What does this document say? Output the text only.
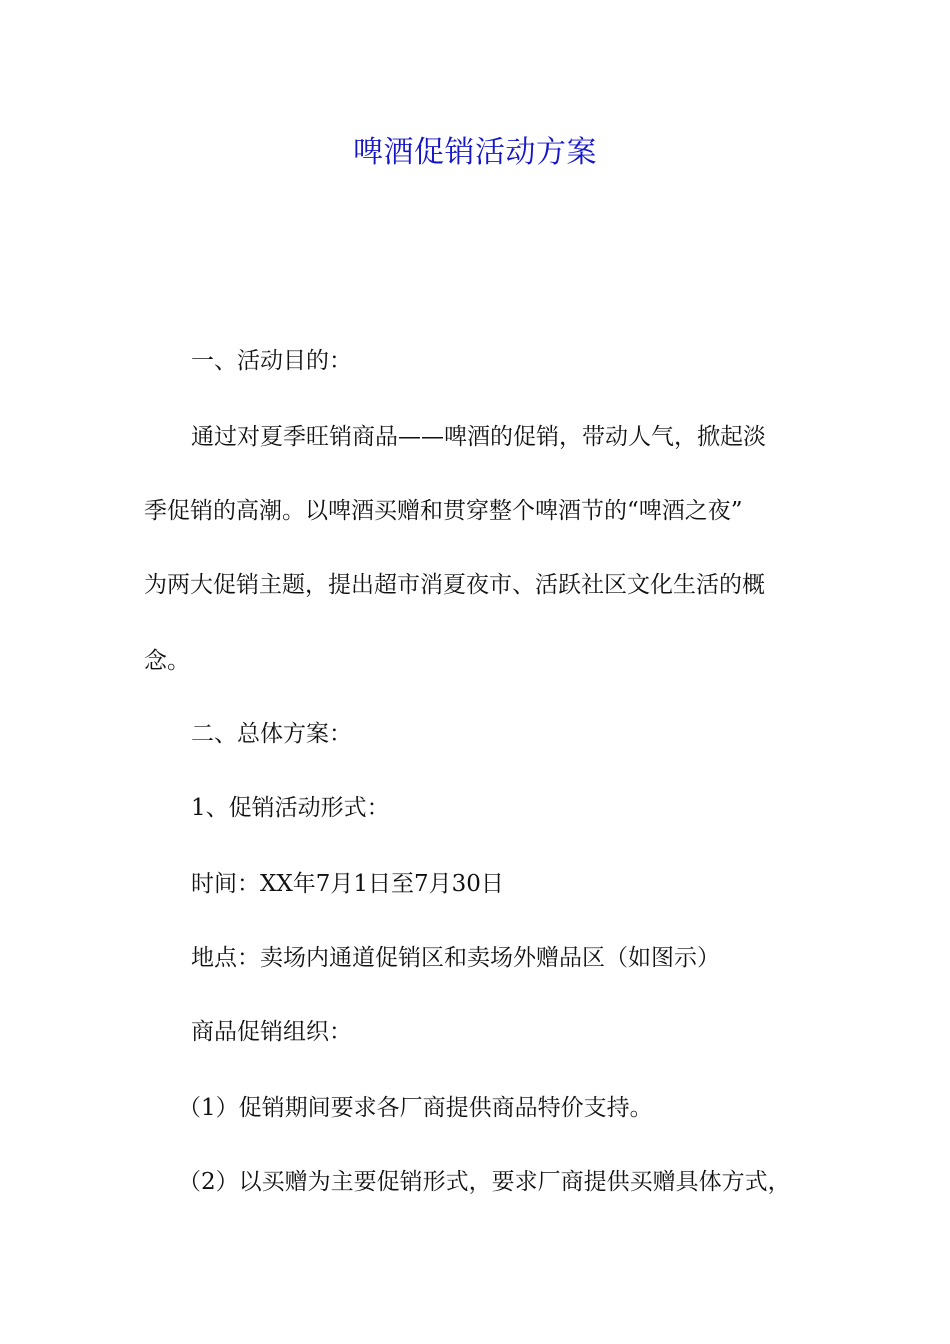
啤酒促销活动方案
一、活动目的：
通过对夏季旺销商品——啤酒的促销，带动人气，掀起淡
季促销的高潮。以啤酒买赠和贯穿整个啤酒节的“啤酒之夜”
为两大促销主题，提出超市消夏夜市、活跃社区文化生活的概
念。
二、总体方案：
1、促销活动形式：
时间：XX年7月1日至7月30日
地点：卖场内通道促销区和卖场外赠品区（如图示）
商品促销组织：
（1）促销期间要求各厂商提供商品特价支持。
（2）以买赠为主要促销形式，要求厂商提供买赠具体方式，
